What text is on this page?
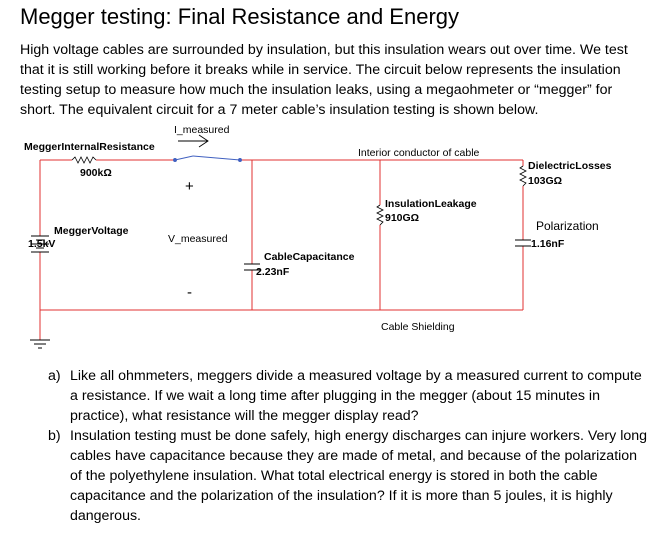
Megger testing: Final Resistance and Energy

High voltage cables are surrounded by insulation, but this insulation wears out over time. We test that it is still working before it breaks while in service. The circuit below represents the insulation testing setup to measure how much the insulation leaks, using a megaohmeter or “megger” for short. The equivalent circuit for a 7 meter cable’s insulation testing is shown below.

MeggerInternalResistance
900kΩ
I_measured
MeggerVoltage
1.5kV
+
V_measured
-
CableCapacitance
2.23nF
Interior conductor of cable
InsulationLeakage
910GΩ
DielectricLosses
103GΩ
Polarization
1.16nF
Cable Shielding
a) Like all ohmmeters, meggers divide a measured voltage by a measured current to compute a resistance. If we wait a long time after plugging in the megger (about 15 minutes in practice), what resistance will the megger display read?
b) Insulation testing must be done safely, high energy discharges can injure workers. Very long cables have capacitance because they are made of metal, and because of the polarization of the polyethylene insulation. What total electrical energy is stored in both the cable capacitance and the polarization of the insulation? If it is more than 5 joules, it is highly dangerous.
